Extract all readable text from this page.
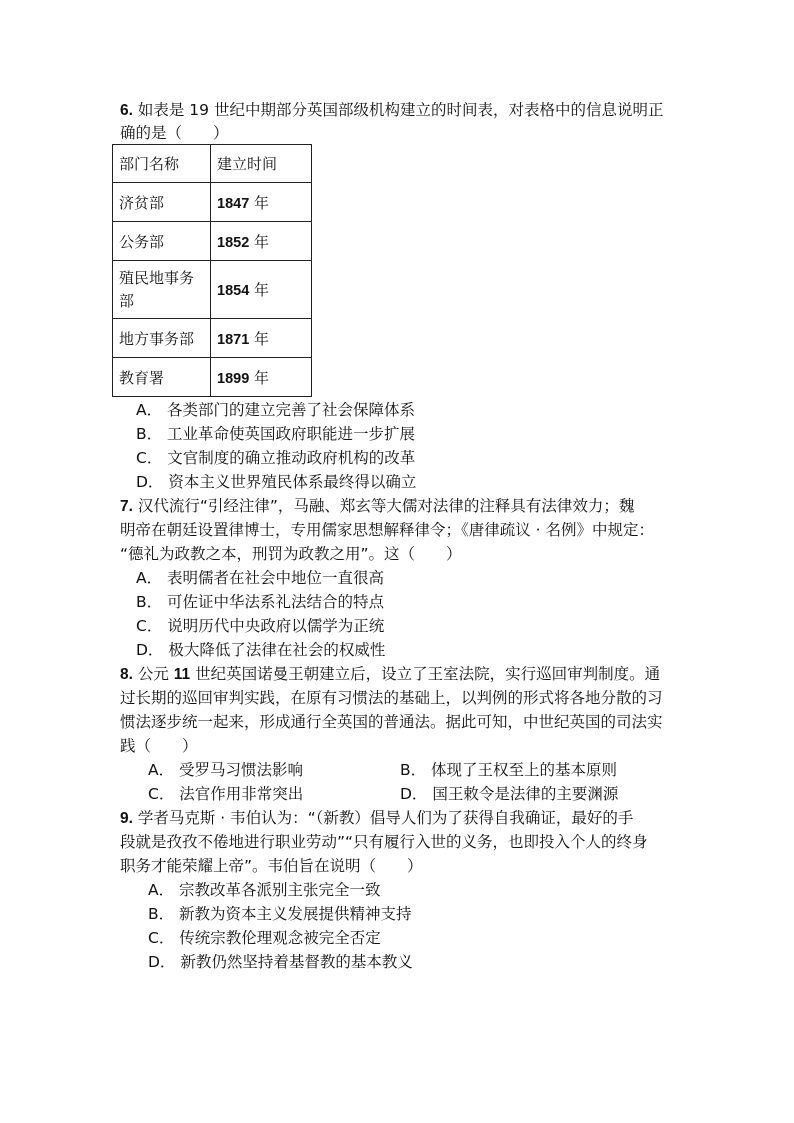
6. 如表是 19 世纪中期部分英国部级机构建立的时间表，对表格中的信息说明正
确的是（　　）
部门名称	建立时间
济贫部	1847 年
公务部	1852 年
殖民地事务
部	1854 年
地方事务部	1871 年
教育署	1899 年
A． 各类部门的建立完善了社会保障体系
B． 工业革命使英国政府职能进一步扩展
C． 文官制度的确立推动政府机构的改革
D． 资本主义世界殖民体系最终得以确立
7. 汉代流行“引经注律”，马融、郑玄等大儒对法律的注释具有法律效力；魏
明帝在朝廷设置律博士，专用儒家思想解释律令；《唐律疏议 · 名例》中规定：
“德礼为政教之本，刑罚为政教之用”。这（　　）
A． 表明儒者在社会中地位一直很高
B． 可佐证中华法系礼法结合的特点
C． 说明历代中央政府以儒学为正统
D． 极大降低了法律在社会的权威性
8. 公元 11 世纪英国诺曼王朝建立后，设立了王室法院，实行巡回审判制度。通
过长期的巡回审判实践，在原有习惯法的基础上，以判例的形式将各地分散的习
惯法逐步统一起来，形成通行全英国的普通法。据此可知，中世纪英国的司法实
践（　　）
A． 受罗马习惯法影响	B． 体现了王权至上的基本原则
C． 法官作用非常突出	D． 国王敕令是法律的主要渊源
9. 学者马克斯 · 韦伯认为：“（新教）倡导人们为了获得自我确证，最好的手
段就是孜孜不倦地进行职业劳动”“只有履行入世的义务，也即投入个人的终身
职务才能荣耀上帝”。韦伯旨在说明（　　）
A． 宗教改革各派别主张完全一致
B． 新教为资本主义发展提供精神支持
C． 传统宗教伦理观念被完全否定
D． 新教仍然坚持着基督教的基本教义
